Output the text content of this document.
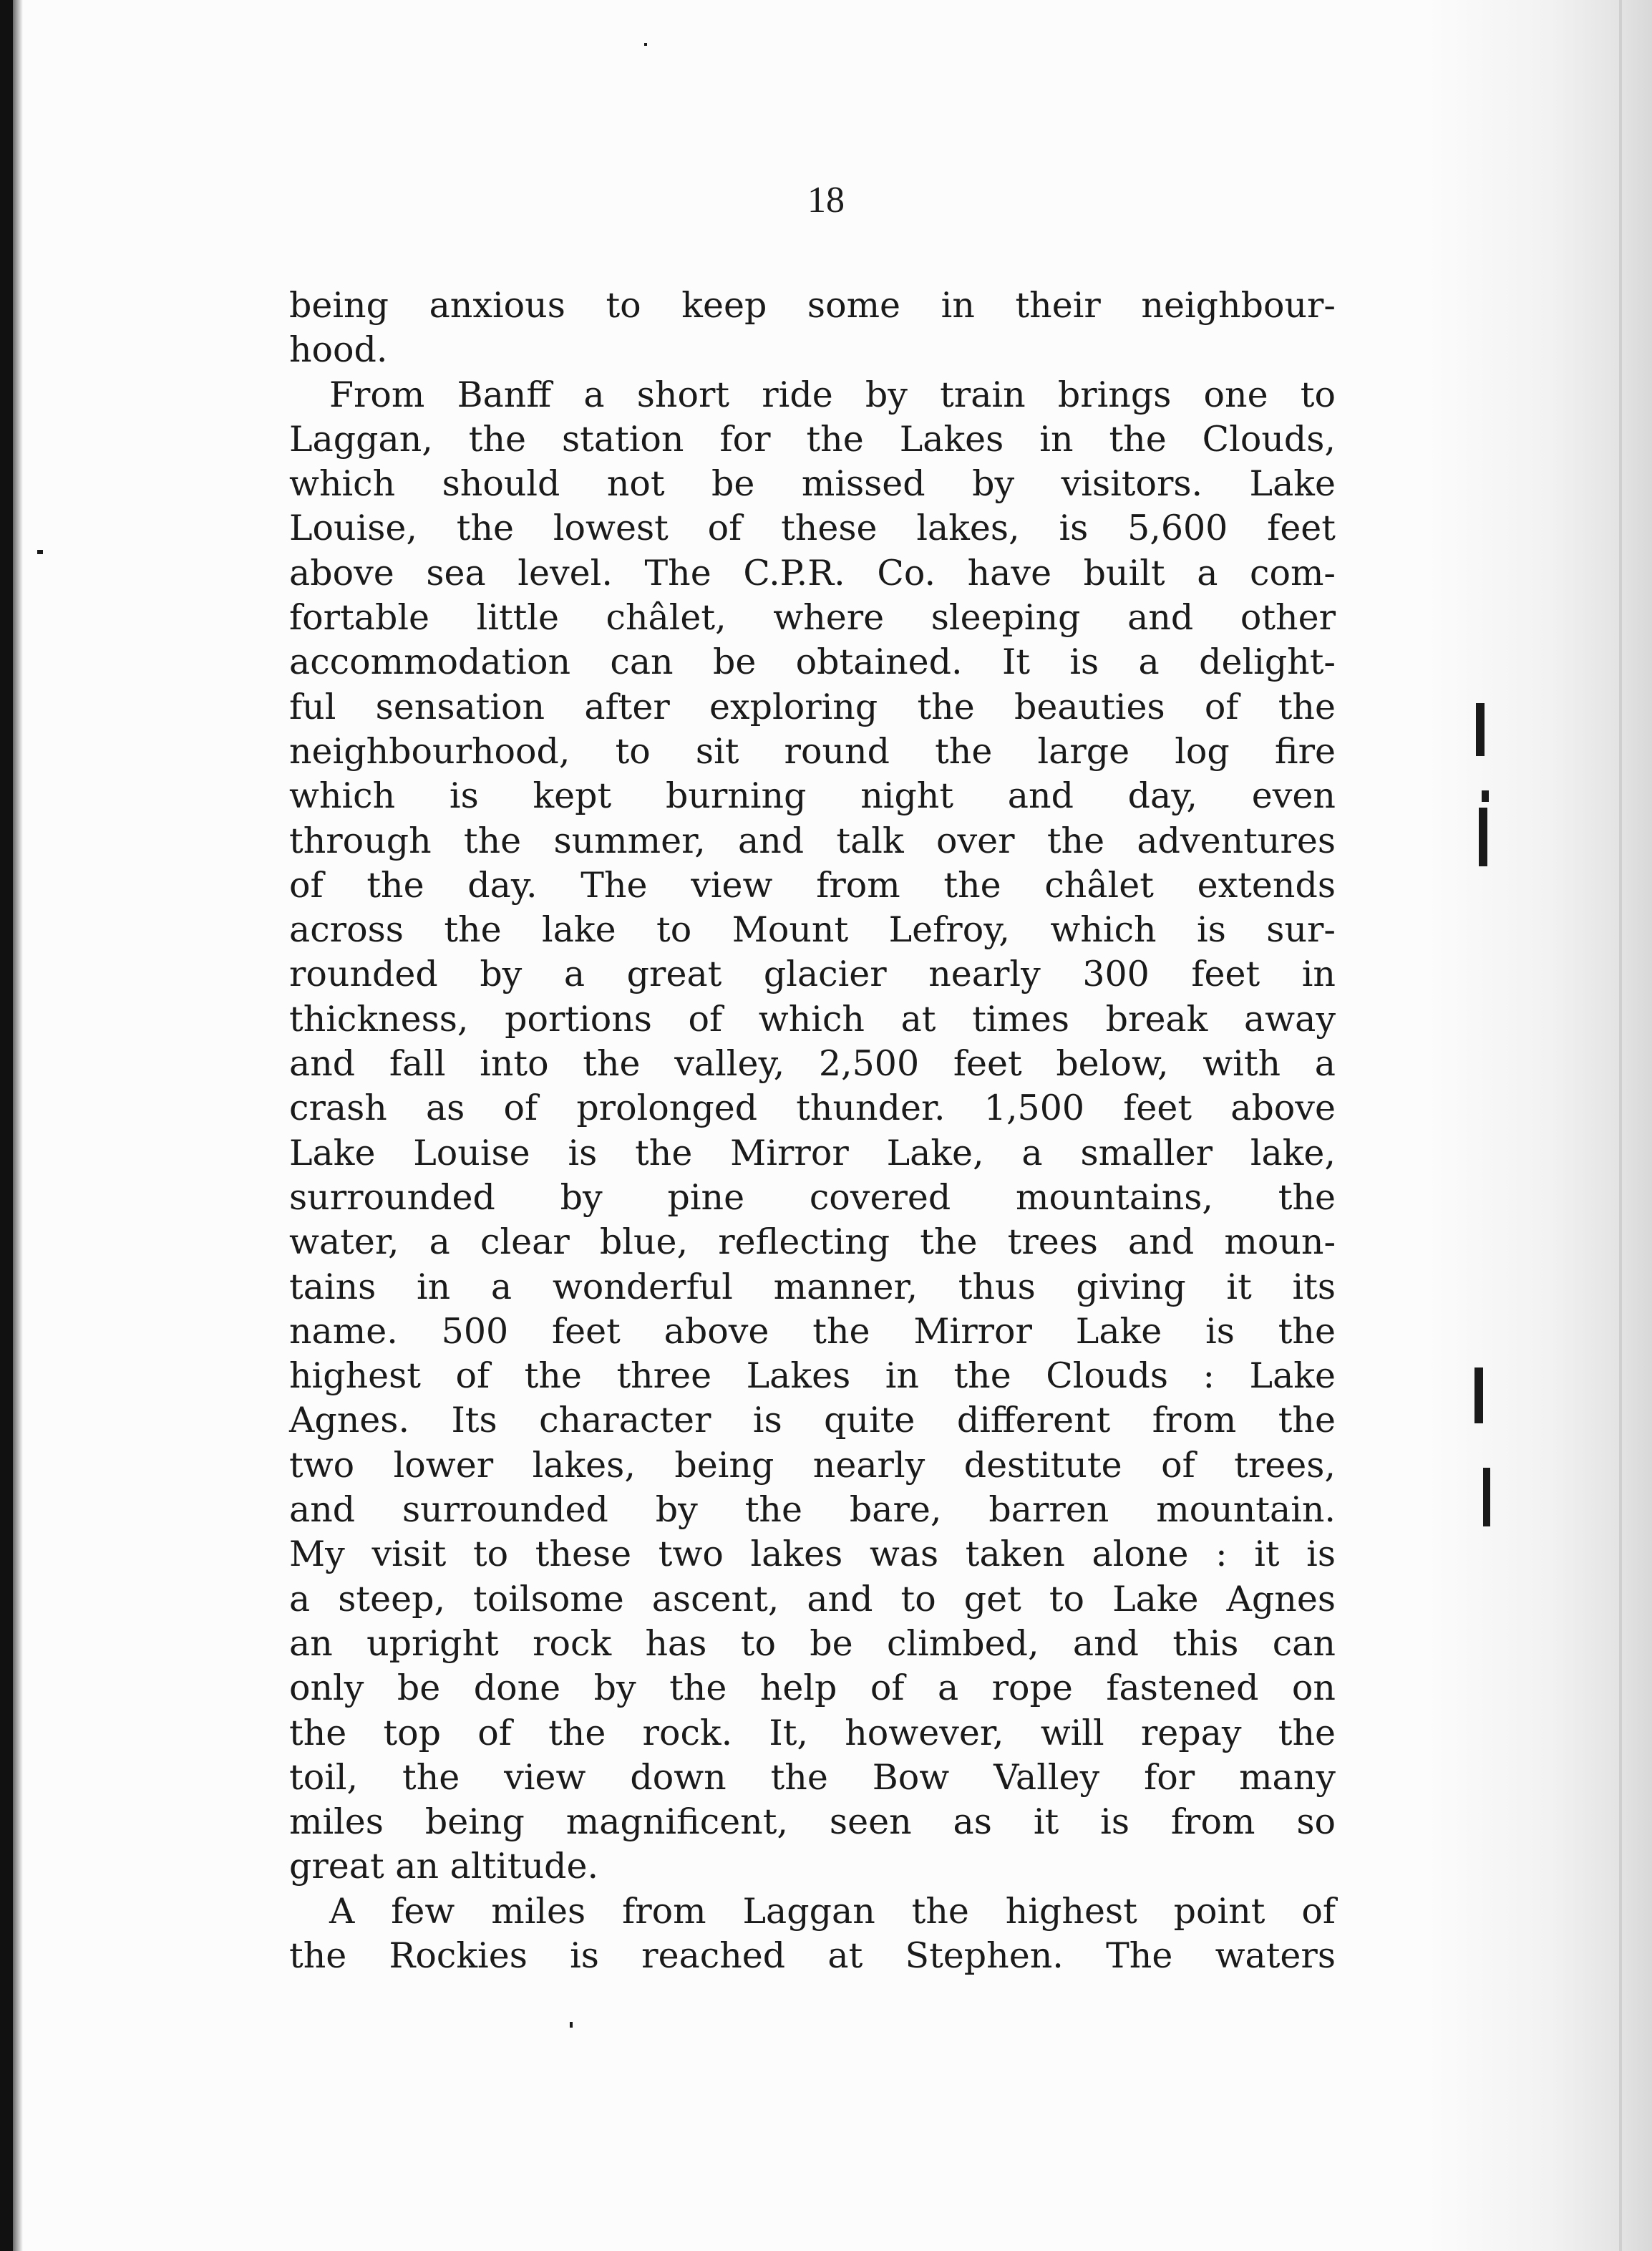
18
being anxious to keep some in their neighbour-
hood.
From Banff a short ride by train brings one to
Laggan, the station for the Lakes in the Clouds,
which should not be missed by visitors. Lake
Louise, the lowest of these lakes, is 5,600 feet
above sea level. The C.P.R. Co. have built a com-
fortable little châlet, where sleeping and other
accommodation can be obtained. It is a delight-
ful sensation after exploring the beauties of the
neighbourhood, to sit round the large log fire
which is kept burning night and day, even
through the summer, and talk over the adventures
of the day. The view from the châlet extends
across the lake to Mount Lefroy, which is sur-
rounded by a great glacier nearly 300 feet in
thickness, portions of which at times break away
and fall into the valley, 2,500 feet below, with a
crash as of prolonged thunder. 1,500 feet above
Lake Louise is the Mirror Lake, a smaller lake,
surrounded by pine covered mountains, the
water, a clear blue, reflecting the trees and moun-
tains in a wonderful manner, thus giving it its
name. 500 feet above the Mirror Lake is the
highest of the three Lakes in the Clouds : Lake
Agnes. Its character is quite different from the
two lower lakes, being nearly destitute of trees,
and surrounded by the bare, barren mountain.
My visit to these two lakes was taken alone : it is
a steep, toilsome ascent, and to get to Lake Agnes
an upright rock has to be climbed, and this can
only be done by the help of a rope fastened on
the top of the rock. It, however, will repay the
toil, the view down the Bow Valley for many
miles being magnificent, seen as it is from so
great an altitude.
A few miles from Laggan the highest point of
the Rockies is reached at Stephen. The waters
